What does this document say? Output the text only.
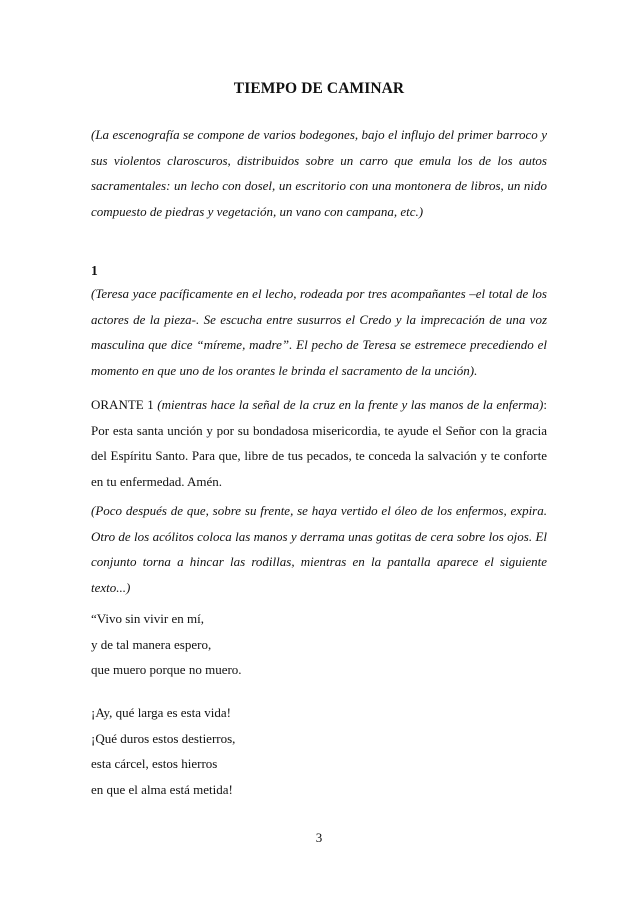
TIEMPO DE CAMINAR
(La escenografía se compone de varios bodegones, bajo el influjo del primer barroco y sus violentos claroscuros, distribuidos sobre un carro que emula los de los autos sacramentales: un lecho con dosel, un escritorio con una montonera de libros, un nido compuesto de piedras y vegetación, un vano con campana, etc.)
1
(Teresa yace pacíficamente en el lecho, rodeada por tres acompañantes –el total de los actores de la pieza-. Se escucha entre susurros el Credo y la imprecación de una voz masculina que dice “míreme, madre”. El pecho de Teresa se estremece precediendo el momento en que uno de los orantes le brinda el sacramento de la unción).
ORANTE 1 (mientras hace la señal de la cruz en la frente y las manos de la enferma): Por esta santa unción y por su bondadosa misericordia, te ayude el Señor con la gracia del Espíritu Santo. Para que, libre de tus pecados, te conceda la salvación y te conforte en tu enfermedad. Amén.
(Poco después de que, sobre su frente, se haya vertido el óleo de los enfermos, expira. Otro de los acólitos coloca las manos y derrama unas gotitas de cera sobre los ojos. El conjunto torna a hincar las rodillas, mientras en la pantalla aparece el siguiente texto...)
“Vivo sin vivir en mí,
y de tal manera espero,
que muero porque no muero.
¡Ay, qué larga es esta vida!
¡Qué duros estos destierros,
esta cárcel, estos hierros
en que el alma está metida!
3
